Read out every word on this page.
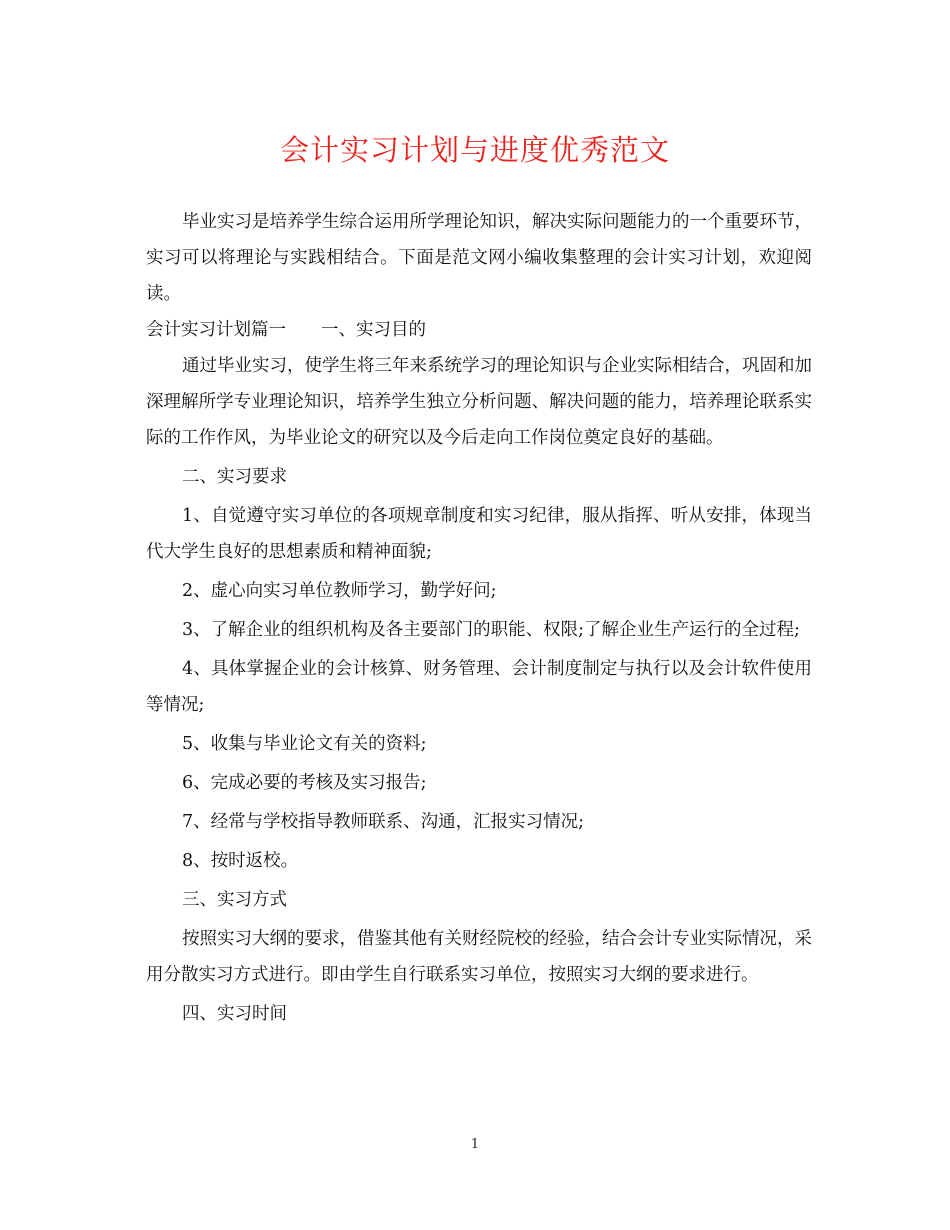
会计实习计划与进度优秀范文

毕业实习是培养学生综合运用所学理论知识，解决实际问题能力的一个重要环节，实习可以将理论与实践相结合。下面是范文网小编收集整理的会计实习计划，欢迎阅读。

会计实习计划篇一　　一、实习目的

通过毕业实习，使学生将三年来系统学习的理论知识与企业实际相结合，巩固和加深理解所学专业理论知识，培养学生独立分析问题、解决问题的能力，培养理论联系实际的工作作风，为毕业论文的研究以及今后走向工作岗位奠定良好的基础。

二、实习要求

1、自觉遵守实习单位的各项规章制度和实习纪律，服从指挥、听从安排，体现当代大学生良好的思想素质和精神面貌;

2、虚心向实习单位教师学习，勤学好问;

3、了解企业的组织机构及各主要部门的职能、权限;了解企业生产运行的全过程;

4、具体掌握企业的会计核算、财务管理、会计制度制定与执行以及会计软件使用等情况;

5、收集与毕业论文有关的资料;

6、完成必要的考核及实习报告;

7、经常与学校指导教师联系、沟通，汇报实习情况;

8、按时返校。

三、实习方式

按照实习大纲的要求，借鉴其他有关财经院校的经验，结合会计专业实际情况，采用分散实习方式进行。即由学生自行联系实习单位，按照实习大纲的要求进行。

四、实习时间

1
